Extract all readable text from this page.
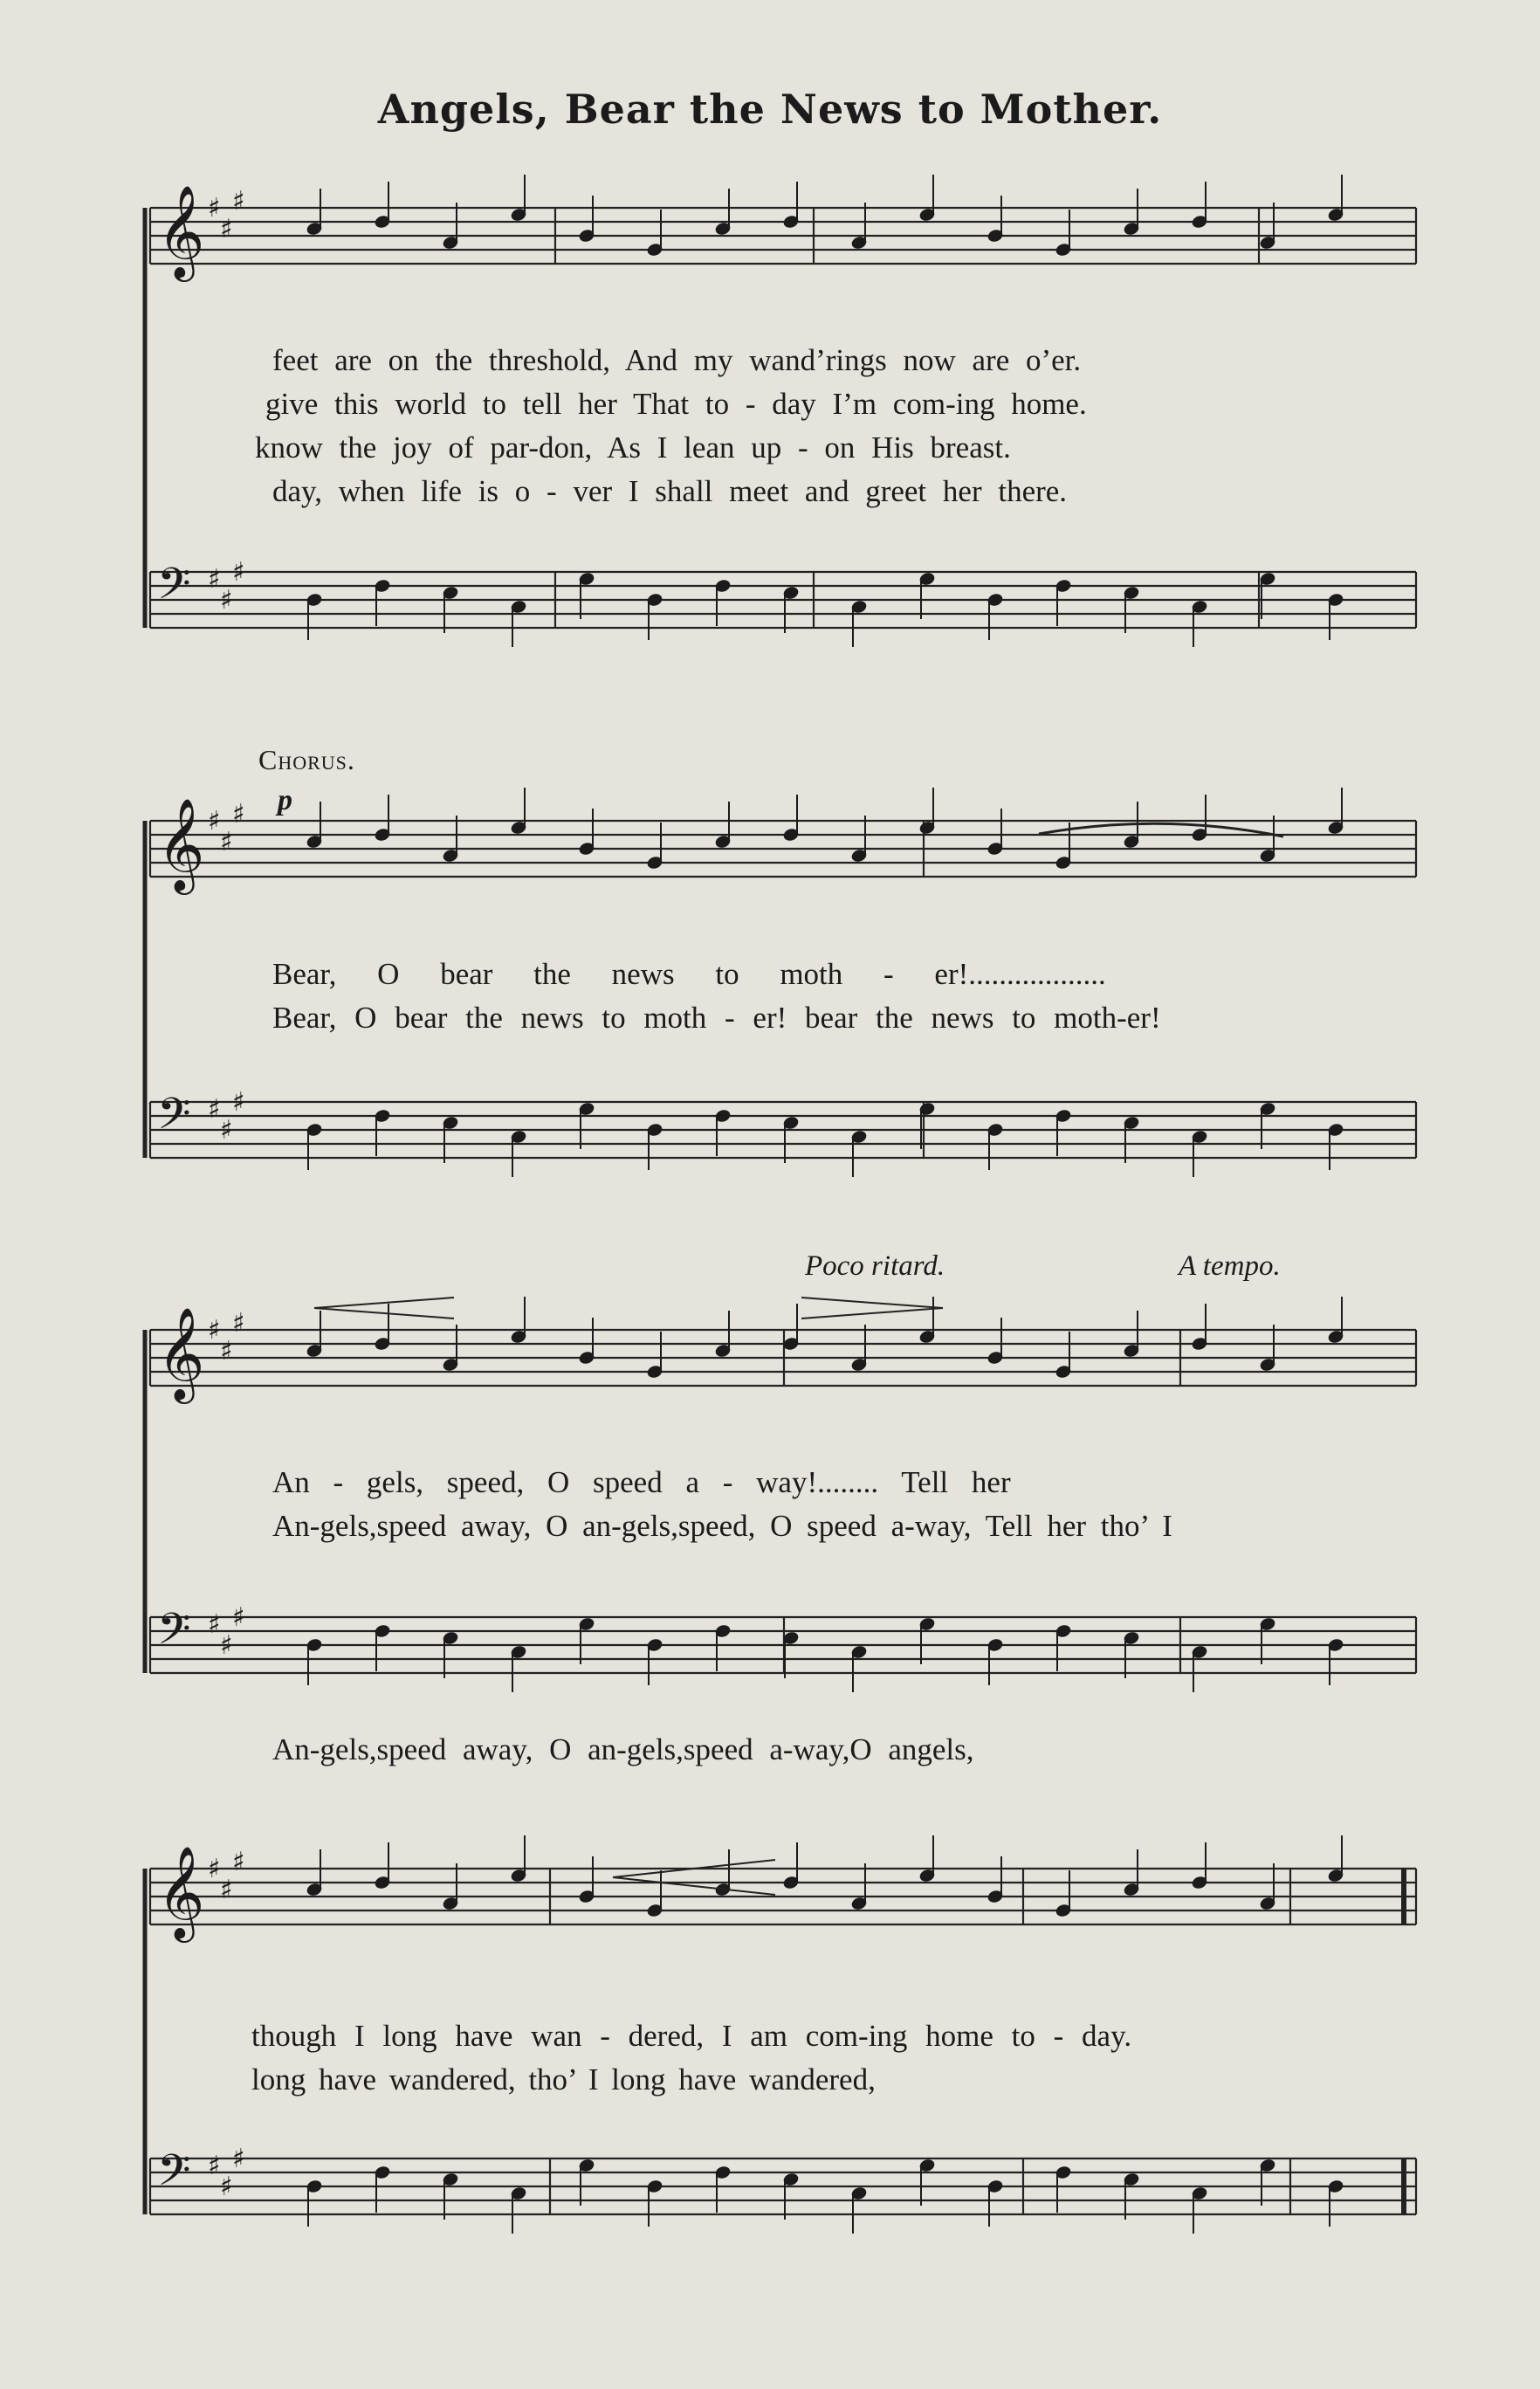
Angels, Bear the News to Mother.
𝄞 ♯
♯
♯
𝄢 ♯
♯
♯
𝄞 ♯
♯
♯
𝄢 ♯
♯
♯
𝄞 ♯
♯
♯
𝄢 ♯
♯
♯
𝄞 ♯
♯
♯
𝄢 ♯
♯
♯
feet are on the threshold, And my wand’rings now are o’er.
give this world to tell her That to - day I’m com-ing home.
know the joy of par-don, As I lean up - on His breast.
day, when life is o - ver I shall meet and greet her there.
Chorus.
p
Bear, O bear the news to moth - er!..................
Bear, O bear the news to moth - er! bear the news to moth-er!
Poco ritard.	A tempo.
An - gels, speed, O speed a - way!........ Tell her
An-gels,speed away, O an-gels,speed, O speed a-way, Tell her tho’ I
An-gels,speed away, O an-gels,speed a-way,O angels,
though I long have wan - dered, I am com-ing home to - day.
long have wandered, tho’ I long have wandered,
